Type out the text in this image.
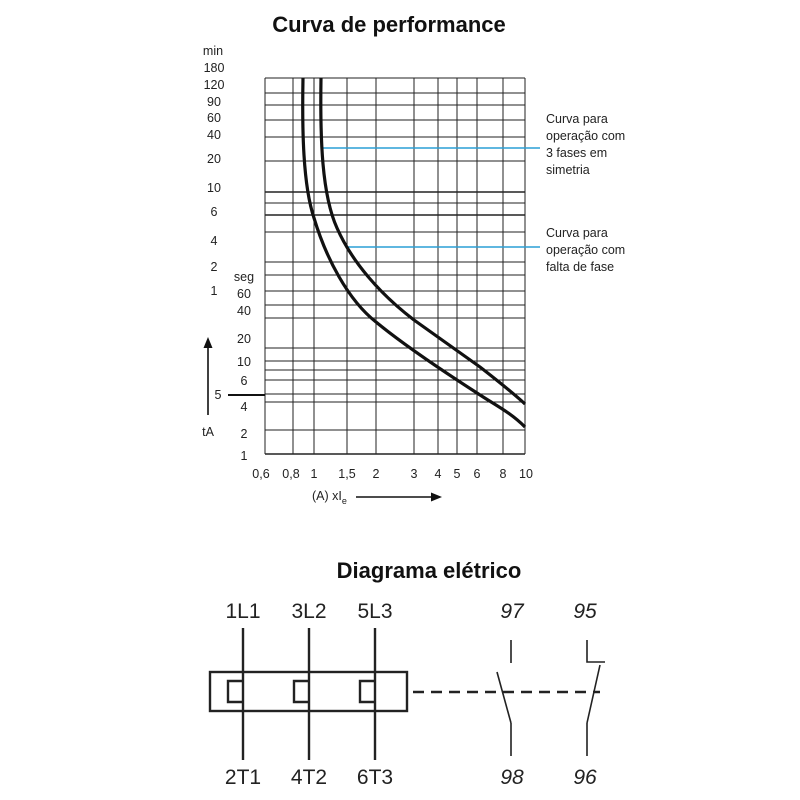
Curva de performance
Diagrama elétrico
min
180
120
90
60
40
20
10
6
4
2
1
seg
60
40
20
10
6
4
2
1
5
tA
0,6 0,8 1 1,5 2 3 4 5 6 8 10
(A) $xI_e$
Curva para operação com 3 fases em simetria
Curva para operação com falta de fase
1L1 3L2 5L3
2T1 4T2 6T3
97
98
95
96
